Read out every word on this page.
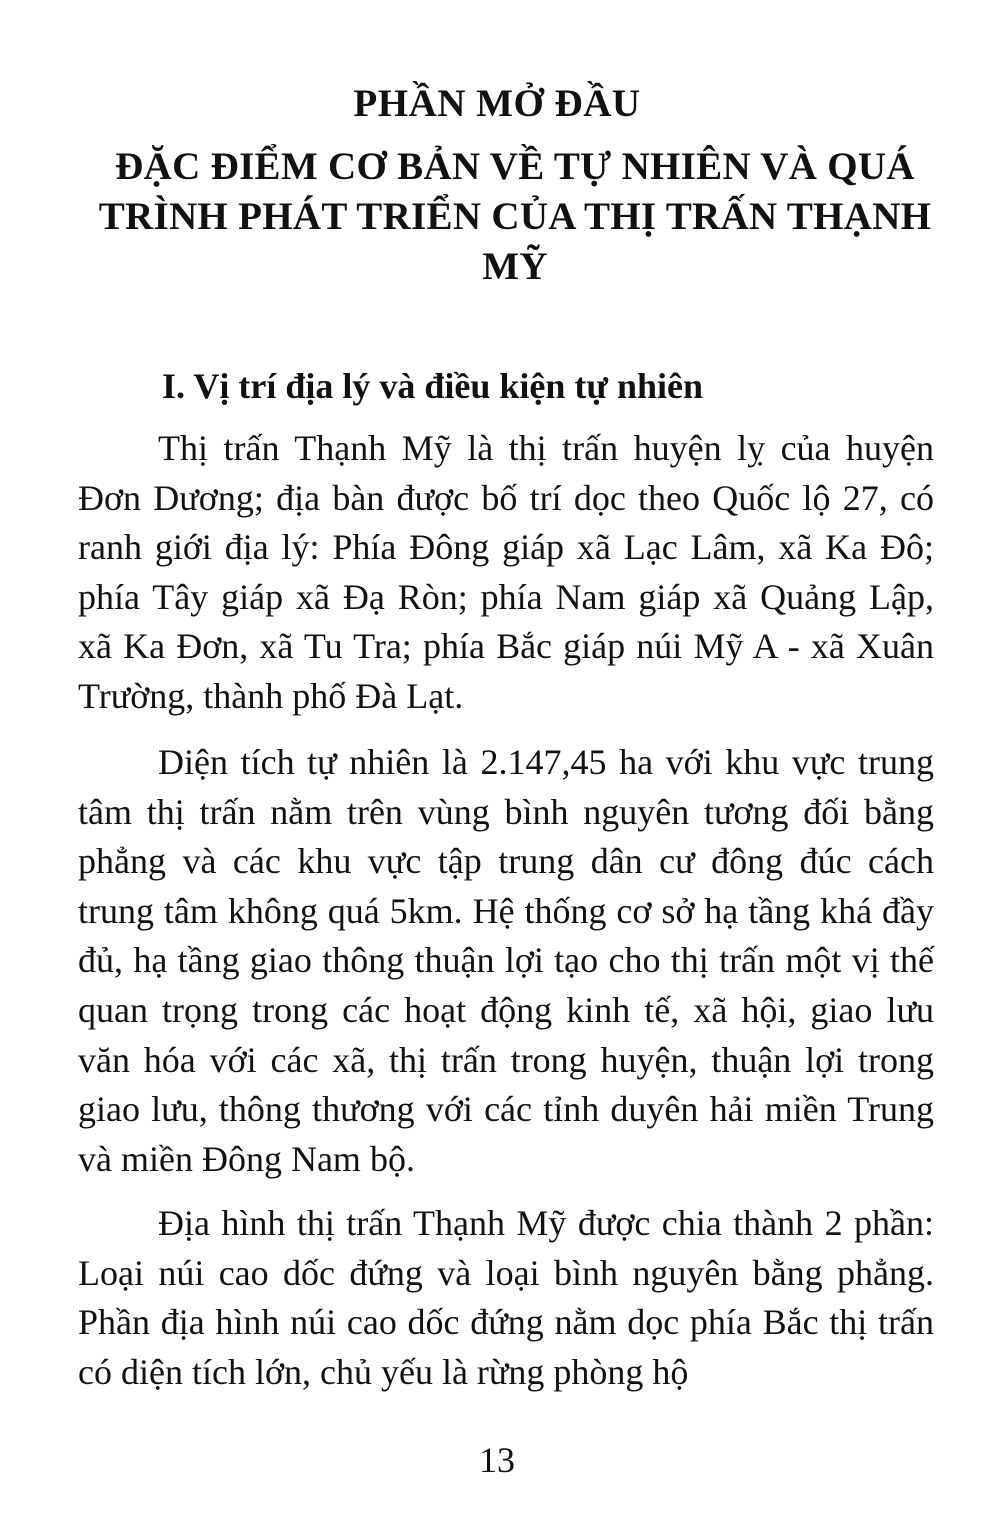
PHẦN MỞ ĐẦU
ĐẶC ĐIỂM CƠ BẢN VỀ TỰ NHIÊN VÀ QUÁ TRÌNH PHÁT TRIỂN CỦA THỊ TRẤN THẠNH MỸ
I. Vị trí địa lý và điều kiện tự nhiên

Thị trấn Thạnh Mỹ là thị trấn huyện lỵ của huyện Đơn Dương; địa bàn được bố trí dọc theo Quốc lộ 27, có ranh giới địa lý: Phía Đông giáp xã Lạc Lâm, xã Ka Đô; phía Tây giáp xã Đạ Ròn; phía Nam giáp xã Quảng Lập, xã Ka Đơn, xã Tu Tra; phía Bắc giáp núi Mỹ A - xã Xuân Trường, thành phố Đà Lạt.

Diện tích tự nhiên là 2.147,45 ha với khu vực trung tâm thị trấn nằm trên vùng bình nguyên tương đối bằng phẳng và các khu vực tập trung dân cư đông đúc cách trung tâm không quá 5km. Hệ thống cơ sở hạ tầng khá đầy đủ, hạ tầng giao thông thuận lợi tạo cho thị trấn một vị thế quan trọng trong các hoạt động kinh tế, xã hội, giao lưu văn hóa với các xã, thị trấn trong huyện, thuận lợi trong giao lưu, thông thương với các tỉnh duyên hải miền Trung và miền Đông Nam bộ.

Địa hình thị trấn Thạnh Mỹ được chia thành 2 phần: Loại núi cao dốc đứng và loại bình nguyên bằng phẳng. Phần địa hình núi cao dốc đứng nằm dọc phía Bắc thị trấn có diện tích lớn, chủ yếu là rừng phòng hộ

13
